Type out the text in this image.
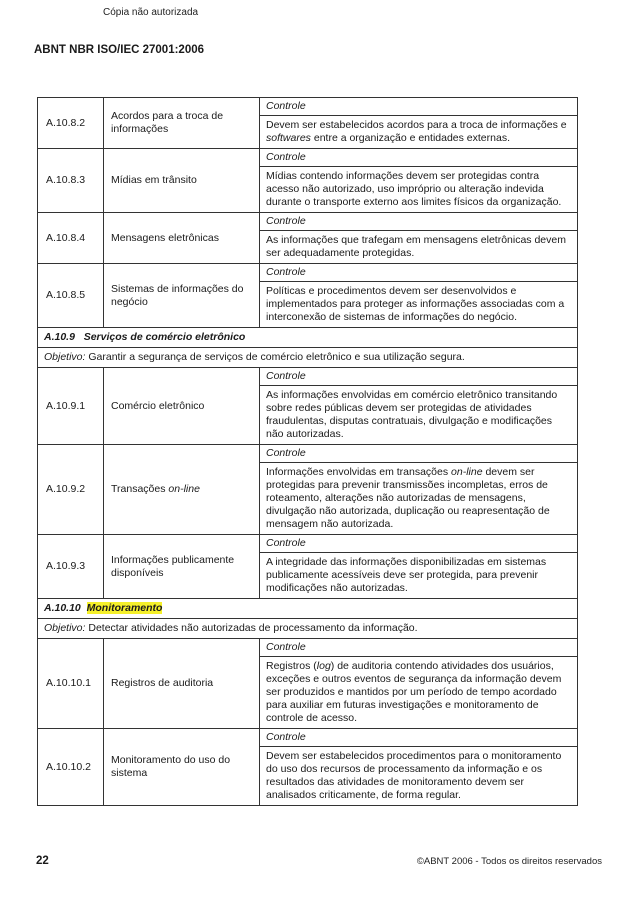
Cópia não autorizada
ABNT NBR ISO/IEC 27001:2006
A.10.8.2	Acordos para a troca de informações	Controle
Devem ser estabelecidos acordos para a troca de informações e softwares entre a organização e entidades externas.

A.10.8.3	Mídias em trânsito	Controle
Mídias contendo informações devem ser protegidas contra acesso não autorizado, uso impróprio ou alteração indevida durante o transporte externo aos limites físicos da organização.

A.10.8.4	Mensagens eletrônicas	Controle
As informações que trafegam em mensagens eletrônicas devem ser adequadamente protegidas.

A.10.8.5	Sistemas de informações do negócio	Controle
Políticas e procedimentos devem ser desenvolvidos e implementados para proteger as informações associadas com a interconexão de sistemas de informações do negócio.

A.10.9 Serviços de comércio eletrônico		
Objetivo: Garantir a segurança de serviços de comércio eletrônico e sua utilização segura.		
A.10.9.1	Comércio eletrônico	Controle
As informações envolvidas em comércio eletrônico transitando sobre redes públicas devem ser protegidas de atividades fraudulentas, disputas contratuais, divulgação e modificações não autorizadas.

A.10.9.2	Transações on-line	Controle
Informações envolvidas em transações on-line devem ser protegidas para prevenir transmissões incompletas, erros de roteamento, alterações não autorizadas de mensagens, divulgação não autorizada, duplicação ou reapresentação de mensagem não autorizada.

A.10.9.3	Informações publicamente disponíveis	Controle
A integridade das informações disponibilizadas em sistemas publicamente acessíveis deve ser protegida, para prevenir modificações não autorizadas.

A.10.10 Monitoramento		
Objetivo: Detectar atividades não autorizadas de processamento da informação.		
A.10.10.1	Registros de auditoria	Controle
Registros (log) de auditoria contendo atividades dos usuários, exceções e outros eventos de segurança da informação devem ser produzidos e mantidos por um período de tempo acordado para auxiliar em futuras investigações e monitoramento de controle de acesso.

A.10.10.2	Monitoramento do uso do sistema	Controle
Devem ser estabelecidos procedimentos para o monitoramento do uso dos recursos de processamento da informação e os resultados das atividades de monitoramento devem ser analisados criticamente, de forma regular.
22	©ABNT 2006 - Todos os direitos reservados
